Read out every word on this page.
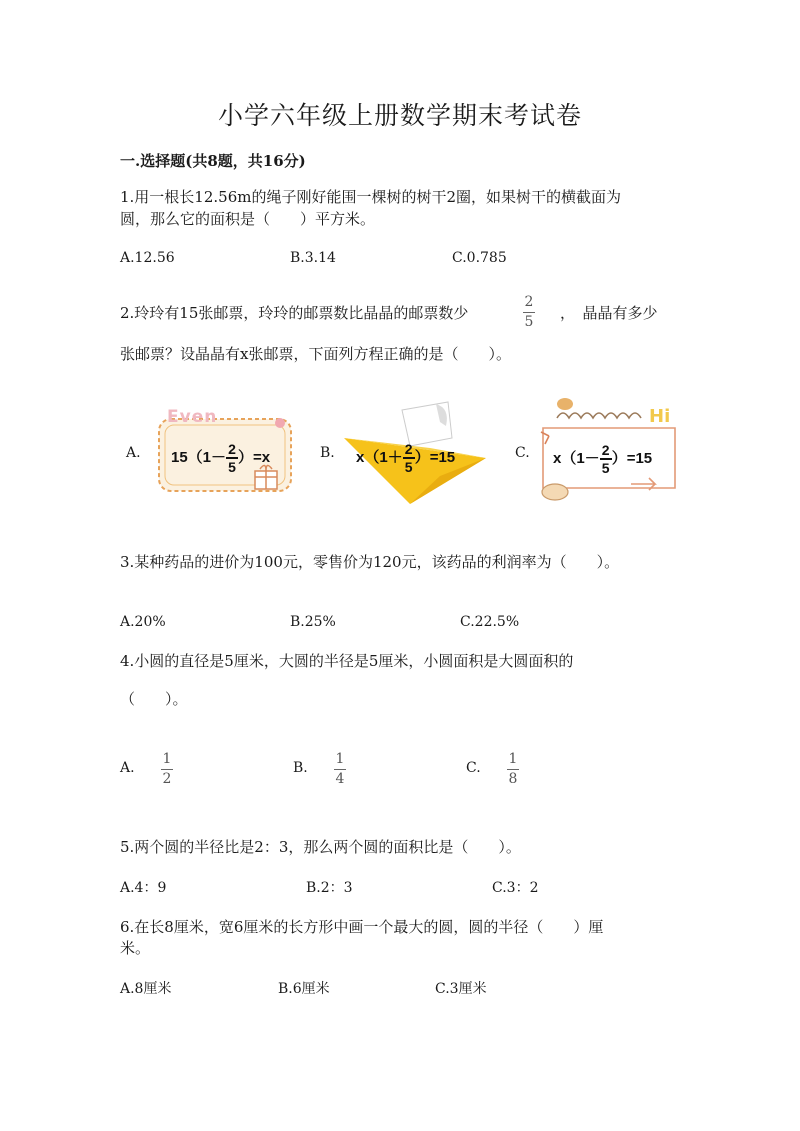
小学六年级上册数学期末考试卷
一.选择题(共8题，共16分)
1.用一根长12.56m的绳子刚好能围一棵树的树干2圈，如果树干的横截面为
圆，那么它的面积是（　　）平方米。
A.12.56	B.3.14	C.0.785
2.玲玲有15张邮票，玲玲的邮票数比晶晶的邮票数少
2
5 ，　晶晶有多少
张邮票？设晶晶有x张邮票，下面列方程正确的是（　　）。
A.
Even
$15(1- \frac{2}{5} )=x$	B. $x(1+ \frac{2}{5} )=15$	C.
Hi
$x(1- \frac{2}{5} )=15$
3.某种药品的进价为100元，零售价为120元，该药品的利润率为（　　）。
A.20%	B.25%	C.22.5%
4.小圆的直径是5厘米，大圆的半径是5厘米，小圆面积是大圆面积的
（　　）。
A.
1
2
B.
1
4
C.
1
8
5.两个圆的半径比是2：3，那么两个圆的面积比是（　　）。
A.4：9	B.2：3	C.3：2
6.在长8厘米，宽6厘米的长方形中画一个最大的圆，圆的半径（　　）厘
米。
A.8厘米	B.6厘米	C.3厘米
